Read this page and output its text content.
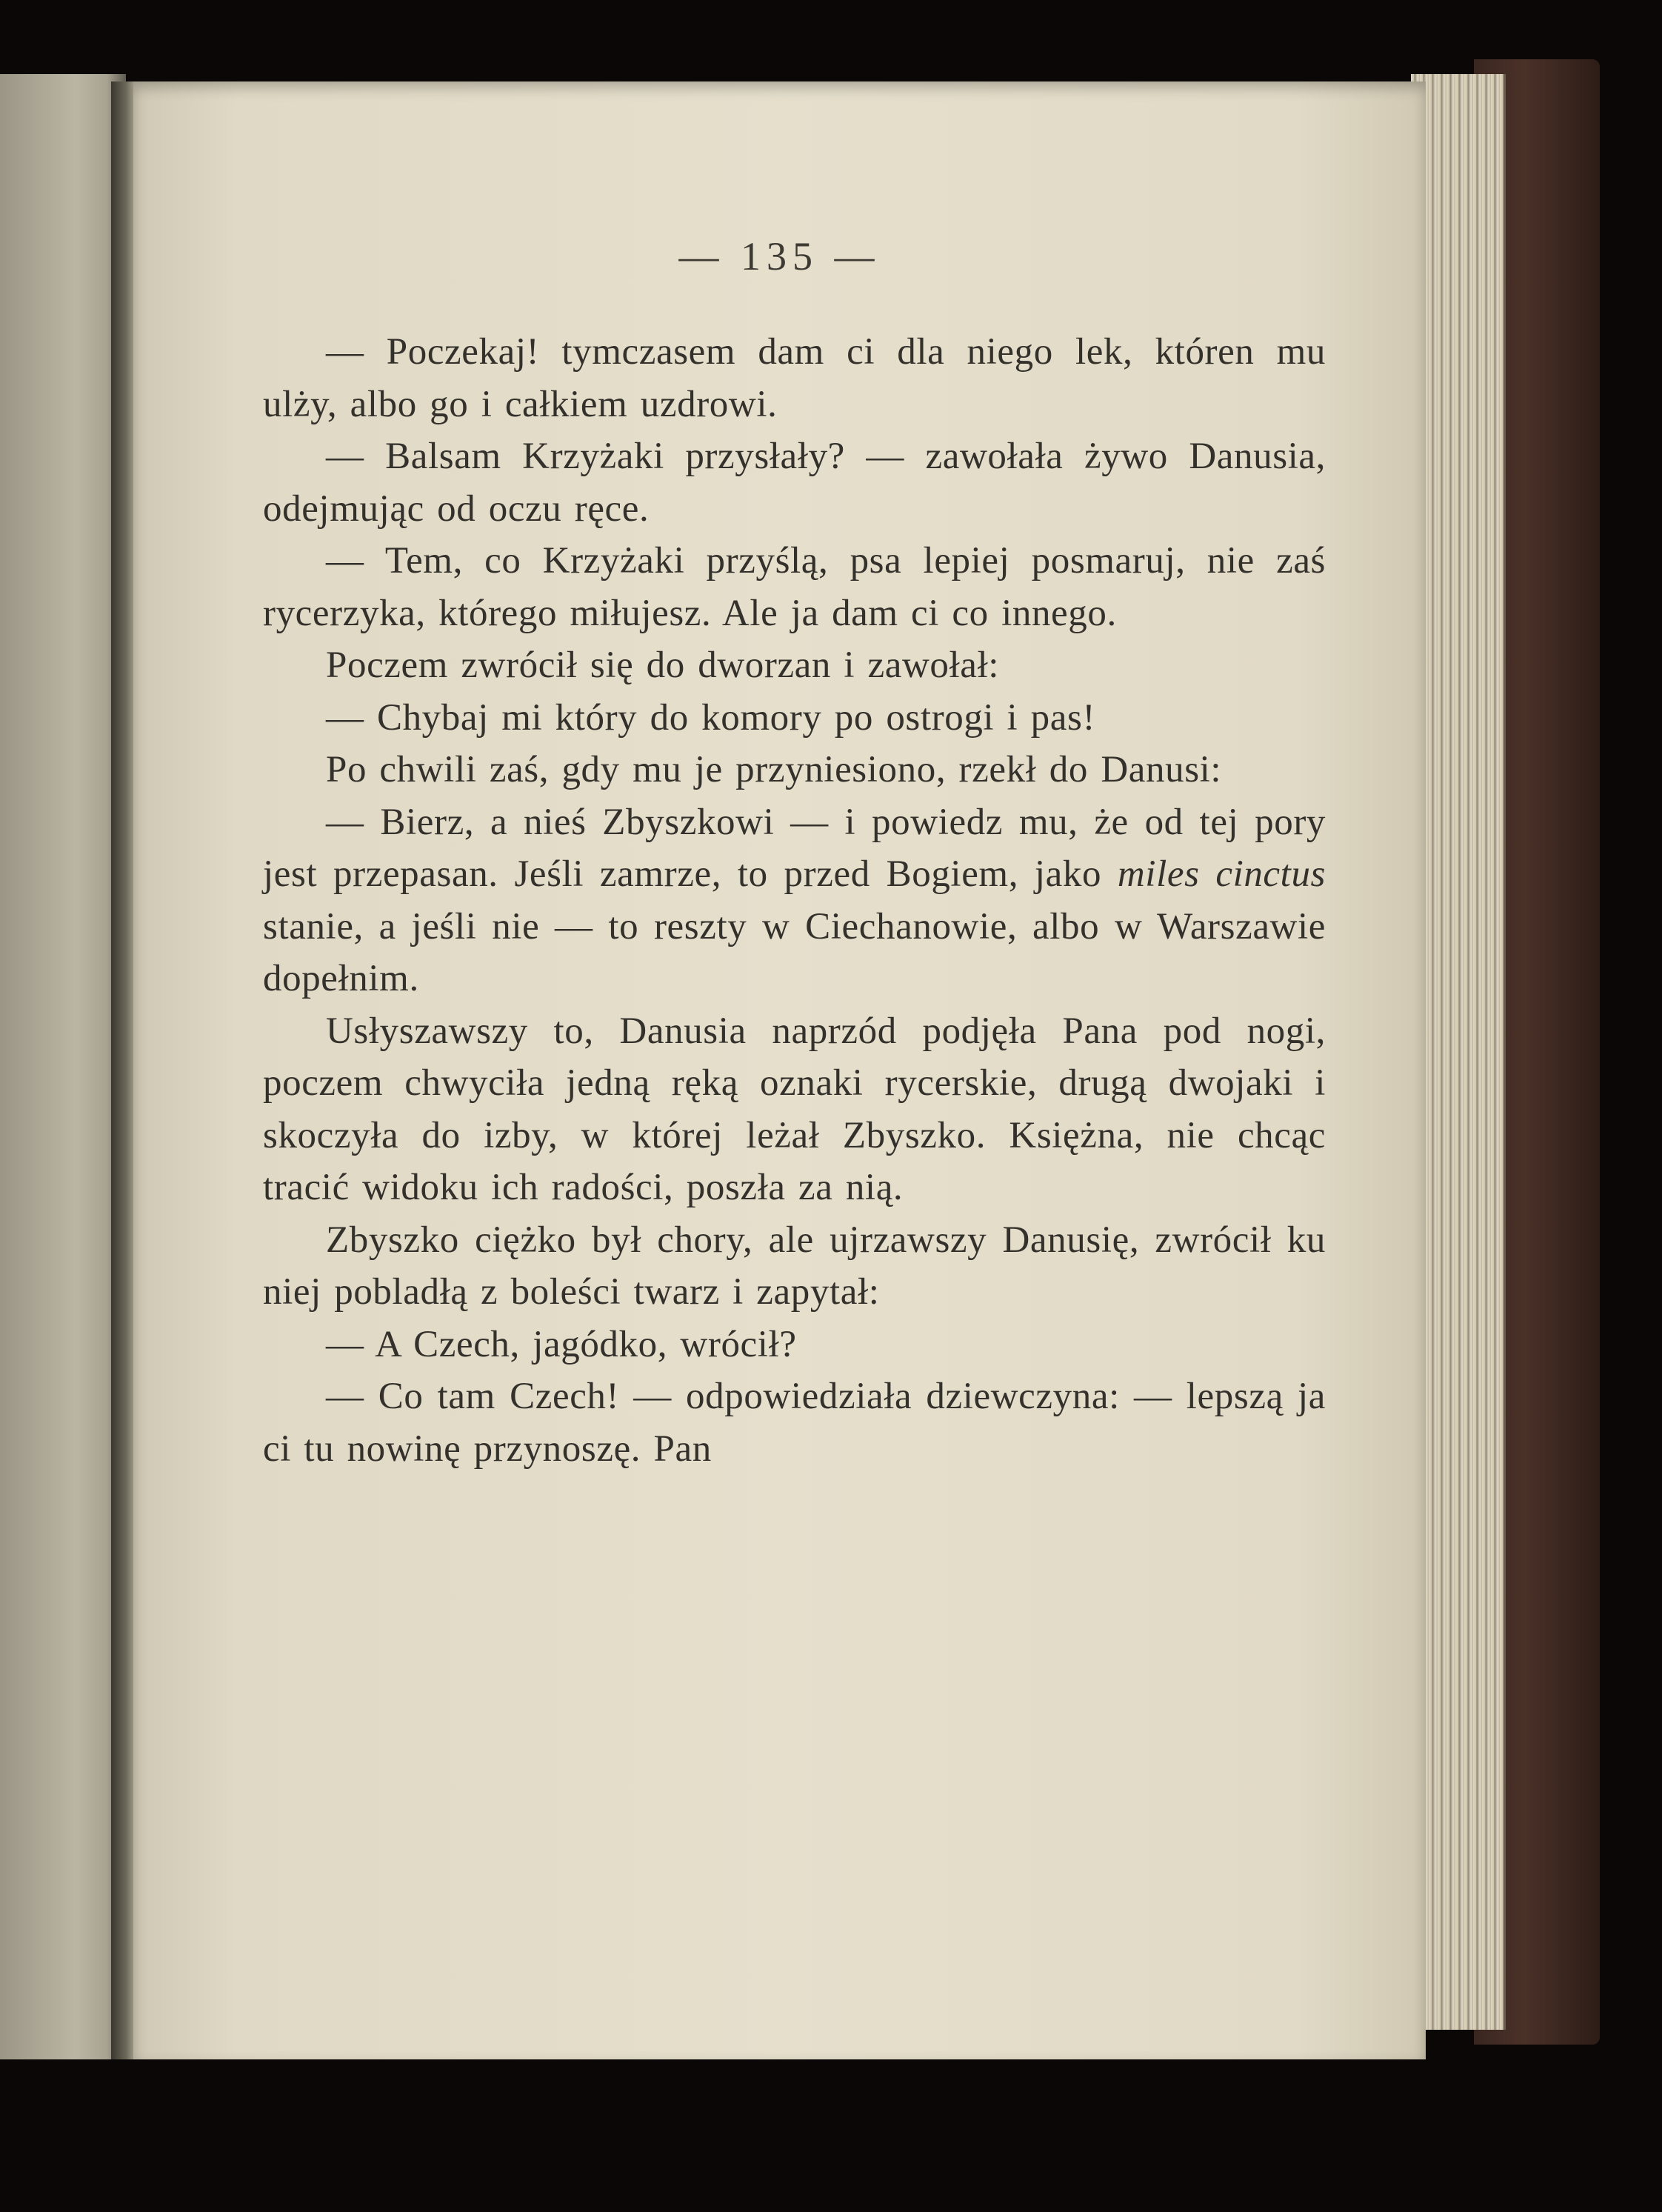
— 135 —

— Poczekaj! tymczasem dam ci dla niego lek, któren mu ulży, albo go i całkiem uzdrowi.

— Balsam Krzyżaki przysłały? — zawołała żywo Danusia, odejmując od oczu ręce.

— Tem, co Krzyżaki przyślą, psa lepiej posmaruj, nie zaś rycerzyka, którego miłujesz. Ale ja dam ci co innego.

Poczem zwrócił się do dworzan i zawołał:

— Chybaj mi który do komory po ostrogi i pas!

Po chwili zaś, gdy mu je przyniesiono, rzekł do Danusi:

— Bierz, a nieś Zbyszkowi — i powiedz mu, że od tej pory jest przepasan. Jeśli zamrze, to przed Bogiem, jako miles cinctus stanie, a jeśli nie — to reszty w Ciechanowie, albo w Warszawie dopełnim.

Usłyszawszy to, Danusia naprzód podjęła Pana pod nogi, poczem chwyciła jedną ręką oznaki rycerskie, drugą dwojaki i skoczyła do izby, w której leżał Zbyszko. Księżna, nie chcąc tracić widoku ich radości, poszła za nią.

Zbyszko ciężko był chory, ale ujrzawszy Danusię, zwrócił ku niej pobladłą z boleści twarz i zapytał:

— A Czech, jagódko, wrócił?

— Co tam Czech! — odpowiedziała dziewczyna: — lepszą ja ci tu nowinę przynoszę. Pan
